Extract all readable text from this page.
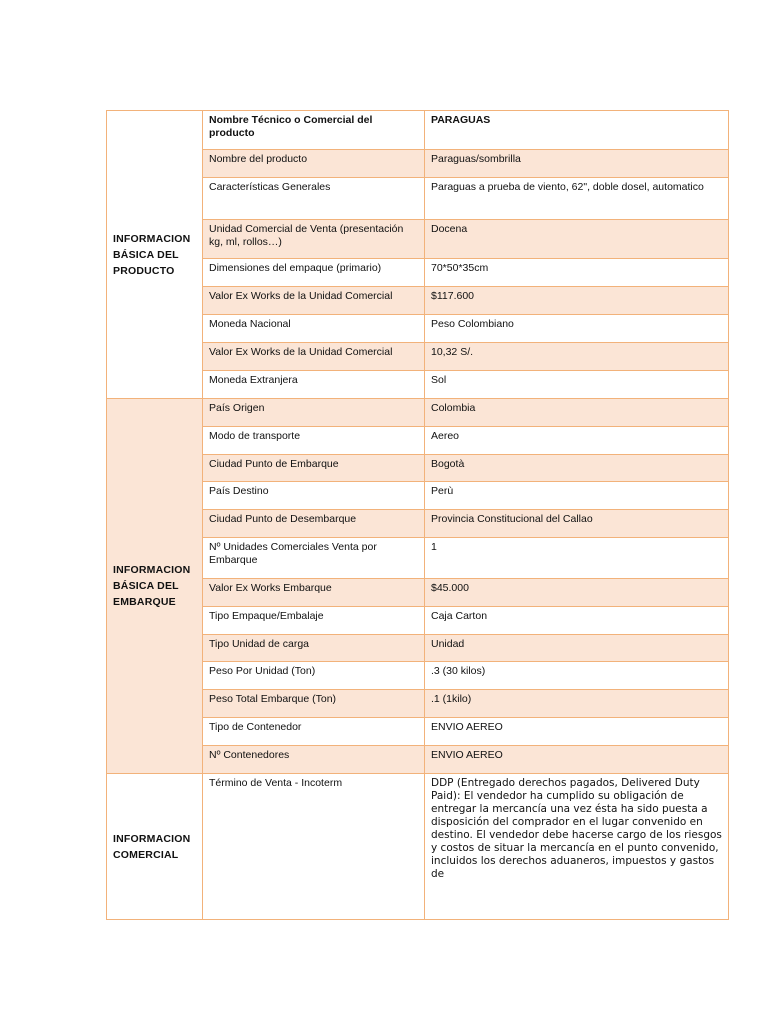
INFORMACION BÁSICA DEL PRODUCTO	Nombre Técnico o Comercial del producto	PARAGUAS
	Nombre del producto	Paraguas/sombrilla
	Características Generales	Paraguas a prueba de viento, 62", doble dosel, automatico
	Unidad Comercial de Venta (presentación kg, ml, rollos…)	Docena
	Dimensiones del empaque (primario)	70*50*35cm
	Valor Ex Works de la Unidad Comercial	$117.600
	Moneda Nacional	Peso Colombiano
	Valor Ex Works de la Unidad Comercial	10,32 S/.
	Moneda Extranjera	Sol
INFORMACION BÁSICA DEL EMBARQUE	País Origen	Colombia
	Modo de transporte	Aereo
	Ciudad Punto de Embarque	Bogotà
	País Destino	Perù
	Ciudad Punto de Desembarque	Provincia Constitucional del Callao
	Nº Unidades Comerciales Venta por Embarque	1
	Valor Ex Works Embarque	$45.000
	Tipo Empaque/Embalaje	Caja Carton
	Tipo Unidad de carga	Unidad
	Peso Por Unidad (Ton)	.3 (30 kilos)
	Peso Total Embarque (Ton)	.1 (1kilo)
	Tipo de Contenedor	ENVIO AEREO
	Nº Contenedores	ENVIO AEREO
INFORMACION COMERCIAL	Término de Venta - Incoterm	DDP (Entregado derechos pagados, Delivered Duty Paid): El vendedor ha cumplido su obligación de entregar la mercancía una vez ésta ha sido puesta a disposición del comprador en el lugar convenido en destino. El vendedor debe hacerse cargo de los riesgos y costos de situar la mercancía en el punto convenido, incluidos los derechos aduaneros, impuestos y gastos de
